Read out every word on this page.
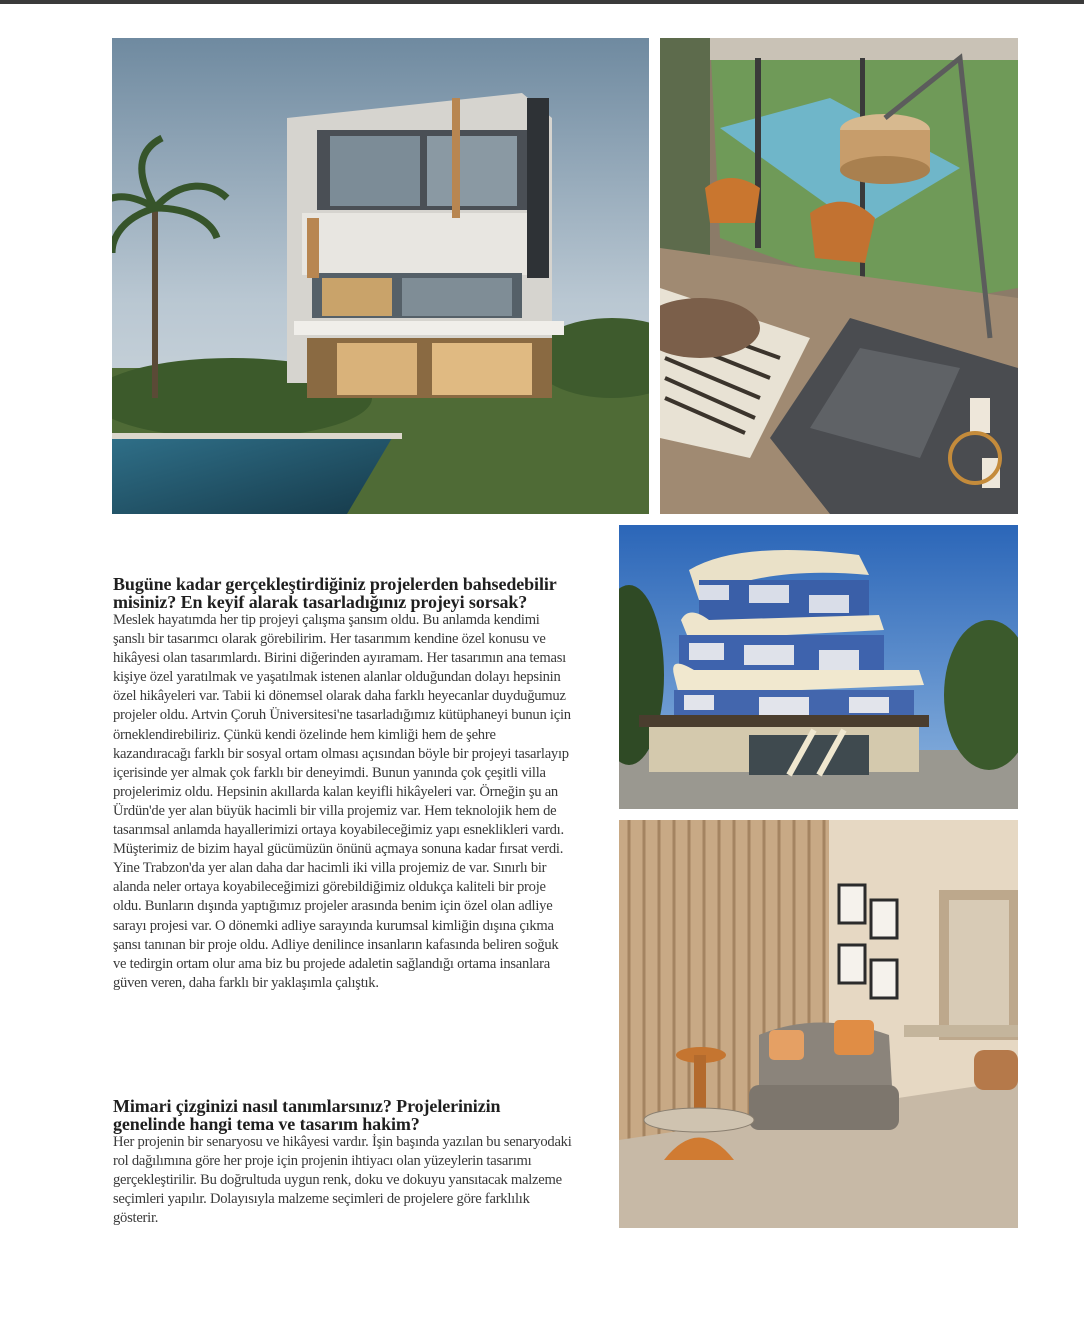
Bugüne kadar gerçekleştirdiğiniz projelerden bahsedebilir misiniz? En keyif alarak tasarladığınız projeyi sorsak?

Meslek hayatımda her tip projeyi çalışma şansım oldu. Bu anlamda kendimi şanslı bir tasarımcı olarak görebilirim. Her tasarımım kendine özel konusu ve hikâyesi olan tasarımlardı. Birini diğerinden ayıramam. Her tasarımın ana teması kişiye özel yaratılmak ve yaşatılmak istenen alanlar olduğundan dolayı hepsinin özel hikâyeleri var. Tabii ki dönemsel olarak daha farklı heyecanlar duyduğumuz projeler oldu. Artvin Çoruh Üniversitesi'ne tasarladığımız kütüphaneyi bunun için örneklendirebiliriz. Çünkü kendi özelinde hem kimliği hem de şehre kazandıracağı farklı bir sosyal ortam olması açısından böyle bir projeyi tasarlayıp içerisinde yer almak çok farklı bir deneyimdi. Bunun yanında çok çeşitli villa projelerimiz oldu. Hepsinin akıllarda kalan keyifli hikâyeleri var. Örneğin şu an Ürdün'de yer alan büyük hacimli bir villa projemiz var. Hem teknolojik hem de tasarımsal anlamda hayallerimizi ortaya koyabileceğimiz yapı esneklikleri vardı. Müşterimiz de bizim hayal gücümüzün önünü açmaya sonuna kadar fırsat verdi. Yine Trabzon'da yer alan daha dar hacimli iki villa projemiz de var. Sınırlı bir alanda neler ortaya koyabileceğimizi görebildiğimiz oldukça kaliteli bir proje oldu. Bunların dışında yaptığımız projeler arasında benim için özel olan adliye sarayı projesi var. O dönemki adliye sarayında kurumsal kimliğin dışına çıkma şansı tanınan bir proje oldu. Adliye denilince insanların kafasında beliren soğuk ve tedirgin ortam olur ama biz bu projede adaletin sağlandığı ortama insanlara güven veren, daha farklı bir yaklaşımla çalıştık.

Mimari çizginizi nasıl tanımlarsınız? Projelerinizin genelinde hangi tema ve tasarım hakim?

Her projenin bir senaryosu ve hikâyesi vardır. İşin başında yazılan bu senaryodaki rol dağılımına göre her proje için projenin ihtiyacı olan yüzeylerin tasarımı gerçekleştirilir. Bu doğrultuda uygun renk, doku ve dokuyu yansıtacak malzeme seçimleri yapılır. Dolayısıyla malzeme seçimleri de projelere göre farklılık gösterir.
